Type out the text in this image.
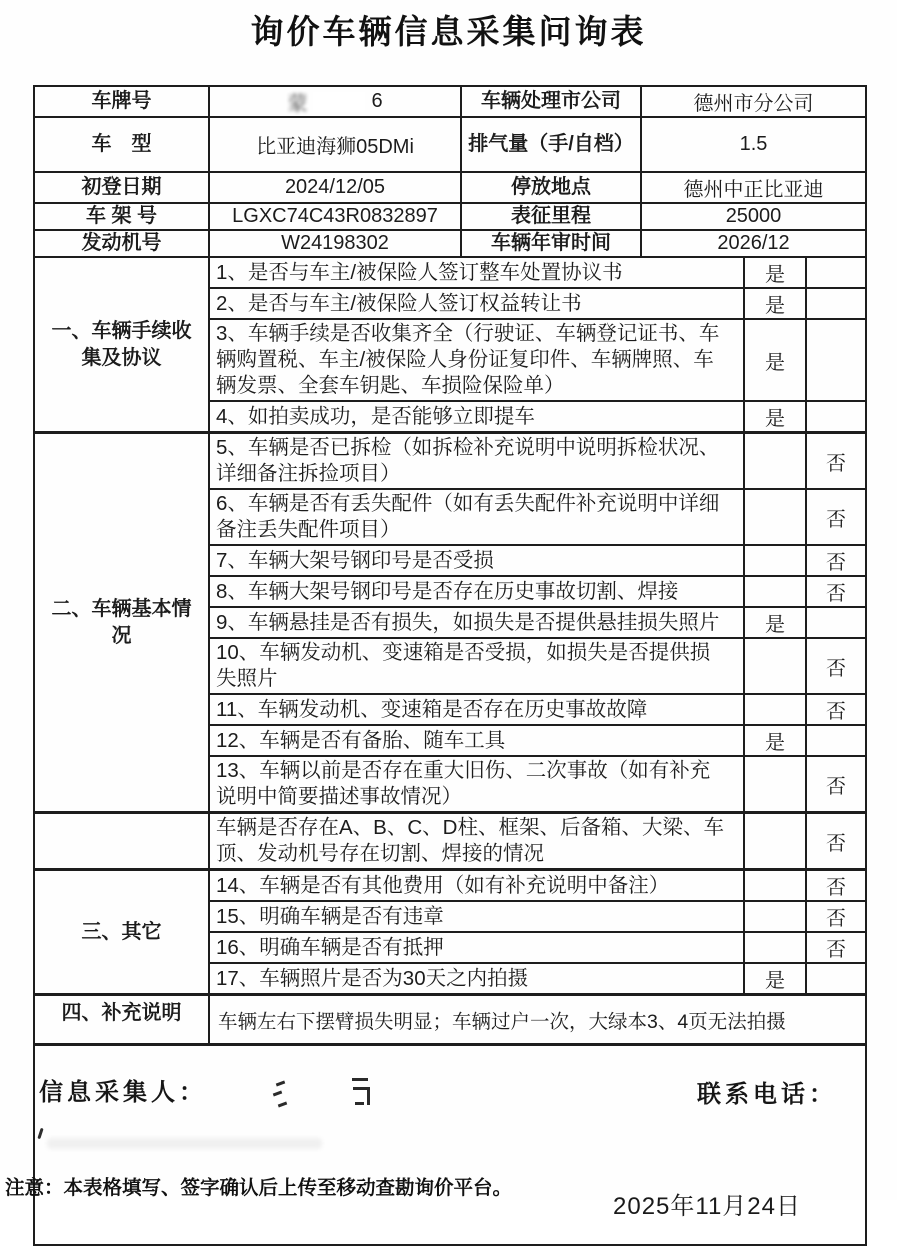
询价车辆信息采集问询表
车牌号	蒙 6	车辆处理市公司	德州市分公司		
车　型	比亚迪海狮05DMi	排气量（手/自档）	1.5		
初登日期	2024/12/05	停放地点	德州中正比亚迪		
车 架 号	LGXC74C43R0832897	表征里程	25000		
发动机号	W24198302	车辆年审时间	2026/12		
一、车辆手续收集及协议	1、是否与车主/被保险人签订整车处置协议书			是	
	2、是否与车主/被保险人签订权益转让书			是	
	3、车辆手续是否收集齐全（行驶证、车辆登记证书、车辆购置税、车主/被保险人身份证复印件、车辆牌照、车辆发票、全套车钥匙、车损险保险单）			是	
	4、如拍卖成功，是否能够立即提车			是	
二、车辆基本情况	5、车辆是否已拆检（如拆检补充说明中说明拆检状况、详细备注拆捡项目）				否
	6、车辆是否有丢失配件（如有丢失配件补充说明中详细备注丢失配件项目）				否
	7、车辆大架号钢印号是否受损				否
	8、车辆大架号钢印号是否存在历史事故切割、焊接				否
	9、车辆悬挂是否有损失，如损失是否提供悬挂损失照片			是	
	10、车辆发动机、变速箱是否受损，如损失是否提供损失照片				否
	11、车辆发动机、变速箱是否存在历史事故故障				否
	12、车辆是否有备胎、随车工具			是	
	13、车辆以前是否存在重大旧伤、二次事故（如有补充说明中简要描述事故情况）				否
	车辆是否存在A、B、C、D柱、框架、后备箱、大梁、车顶、发动机号存在切割、焊接的情况				否
三、其它	14、车辆是否有其他费用（如有补充说明中备注）				否
	15、明确车辆是否有违章				否
	16、明确车辆是否有抵押				否
	17、车辆照片是否为30天之内拍摄			是	
四、补充说明	车辆左右下摆臂损失明显；车辆过户一次，大绿本3、4页无法拍摄				

信息采集人： 联系电话：
2025年11月24日					
注意：本表格填写、签字确认后上传至移动查勘询价平台。
